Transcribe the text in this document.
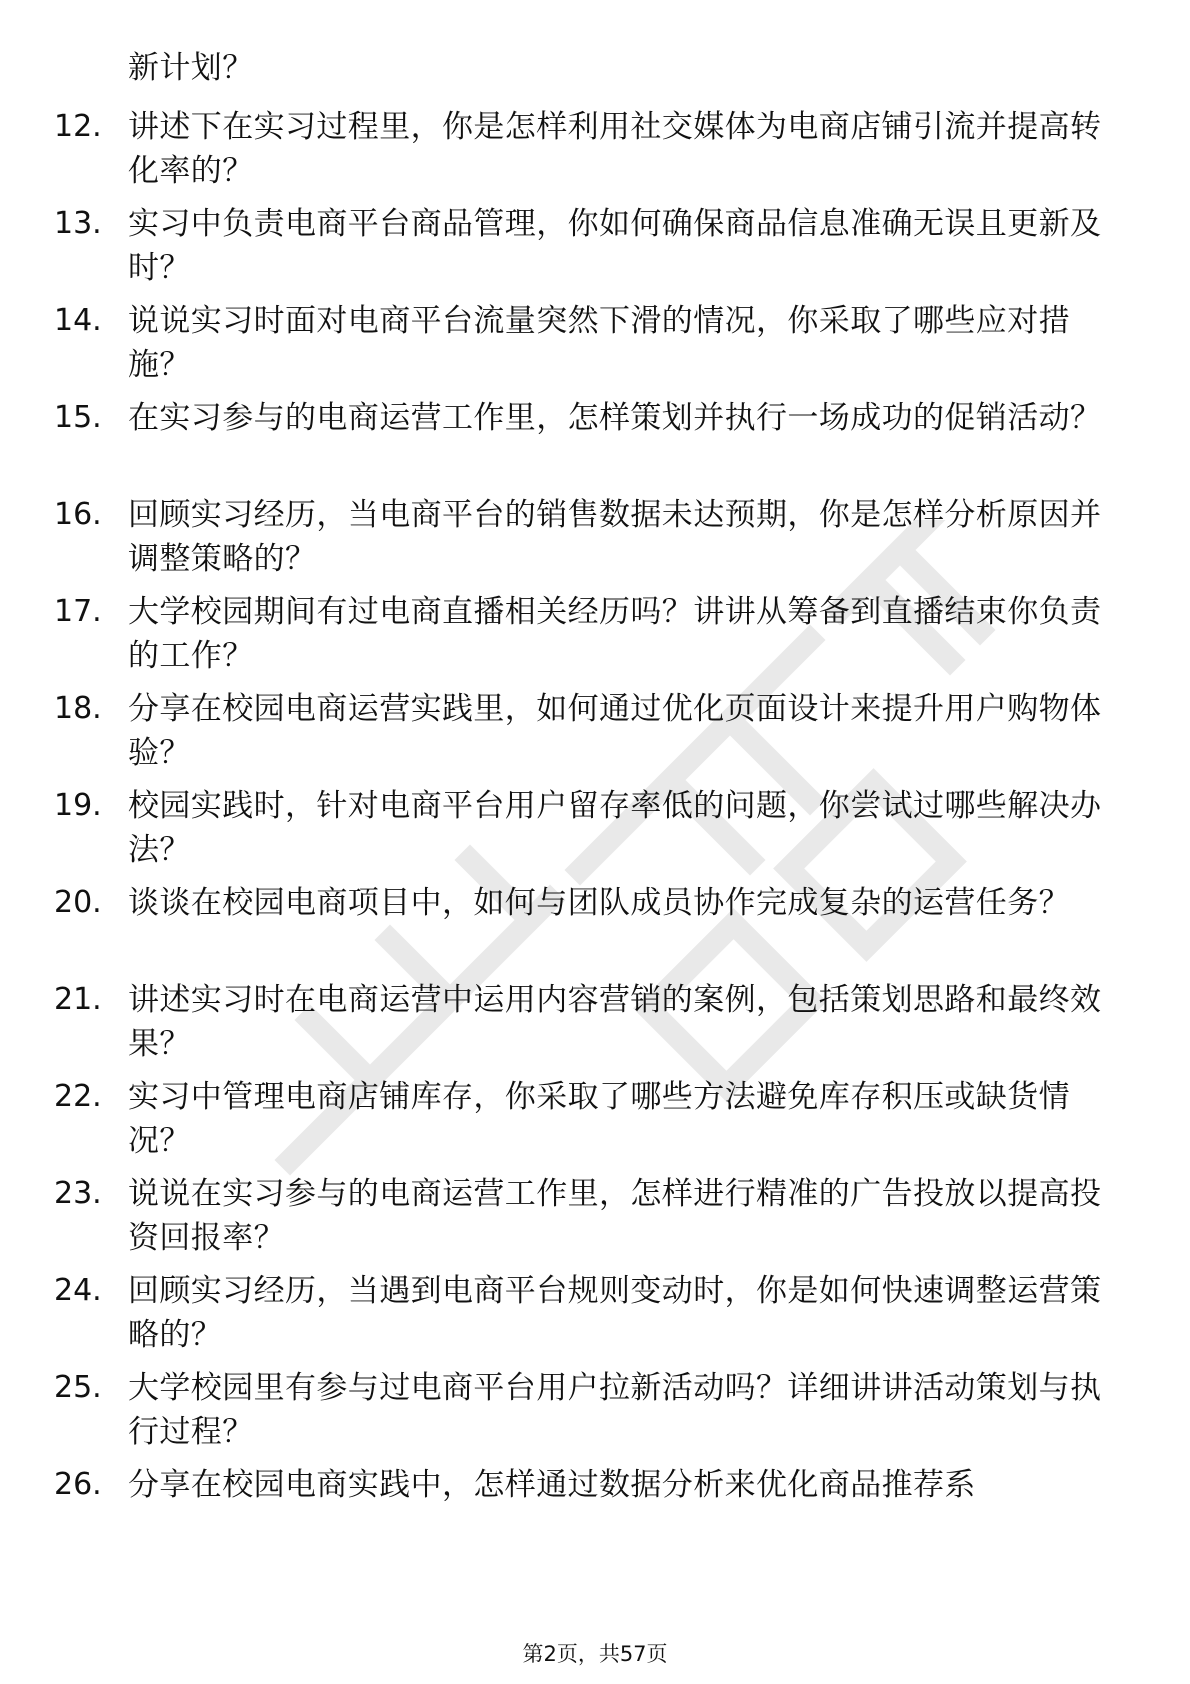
新计划？
12. 讲述下在实习过程里，你是怎样利用社交媒体为电商店铺引流并提高转化率的？
13. 实习中负责电商平台商品管理，你如何确保商品信息准确无误且更新及时？
14. 说说实习时面对电商平台流量突然下滑的情况，你采取了哪些应对措施？
15. 在实习参与的电商运营工作里，怎样策划并执行一场成功的促销活动？
16. 回顾实习经历，当电商平台的销售数据未达预期，你是怎样分析原因并调整策略的？
17. 大学校园期间有过电商直播相关经历吗？讲讲从筹备到直播结束你负责的工作？
18. 分享在校园电商运营实践里，如何通过优化页面设计来提升用户购物体验？
19. 校园实践时，针对电商平台用户留存率低的问题，你尝试过哪些解决办法？
20. 谈谈在校园电商项目中，如何与团队成员协作完成复杂的运营任务？
21. 讲述实习时在电商运营中运用内容营销的案例，包括策划思路和最终效果？
22. 实习中管理电商店铺库存，你采取了哪些方法避免库存积压或缺货情况？
23. 说说在实习参与的电商运营工作里，怎样进行精准的广告投放以提高投资回报率？
24. 回顾实习经历，当遇到电商平台规则变动时，你是如何快速调整运营策略的？
25. 大学校园里有参与过电商平台用户拉新活动吗？详细讲讲活动策划与执行过程？
26. 分享在校园电商实践中，怎样通过数据分析来优化商品推荐系
第2页，共57页
